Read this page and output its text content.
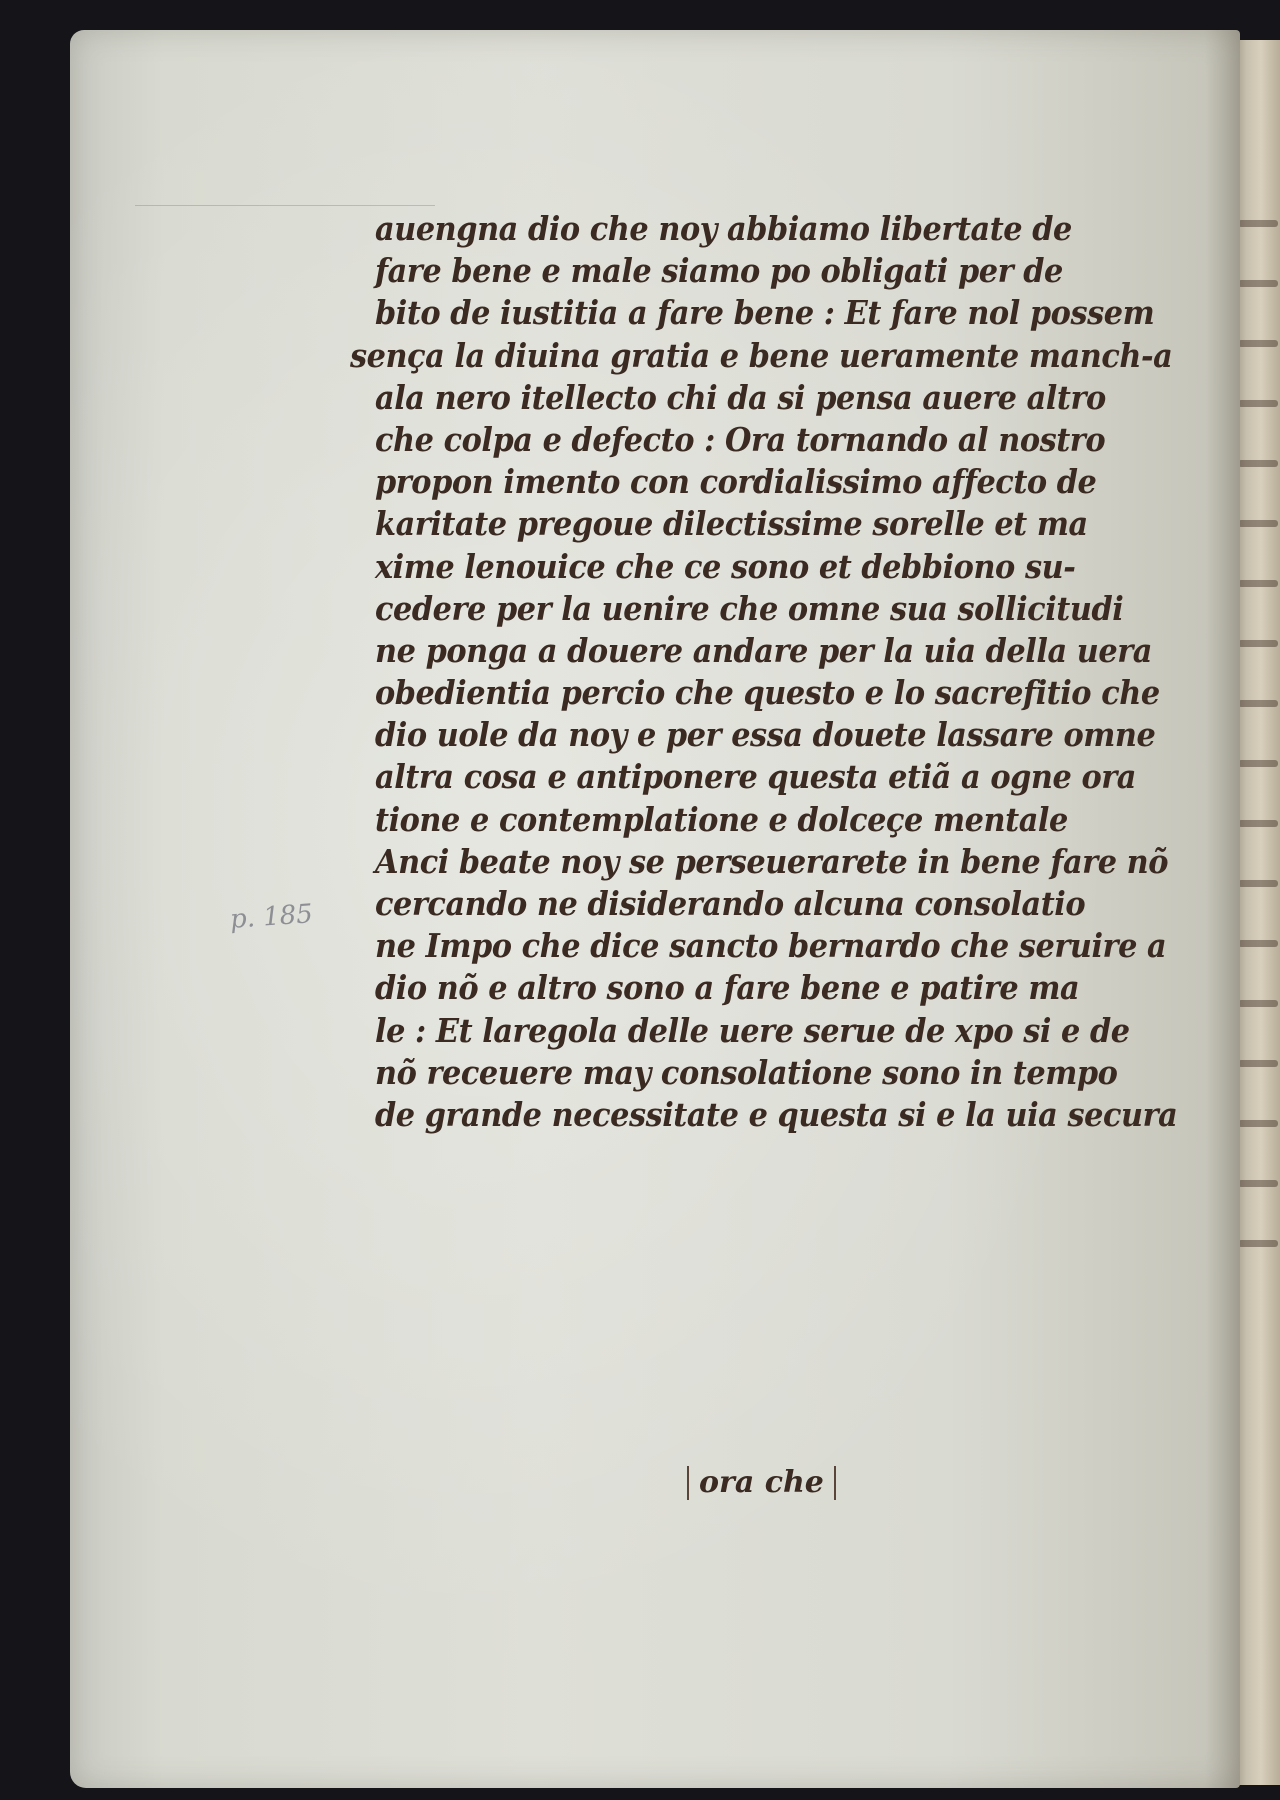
auengna dio che noy abbiamo libertate de
fare bene e male siamo po obligati per de
bito de iustitia a fare bene : Et fare nol possem
sença la diuina gratia e bene ueramente manch-a
ala nero itellecto chi da si pensa auere altro
che colpa e defecto : Ora tornando al nostro
propon imento con cordialissimo affecto de
karitate pregoue dilectissime sorelle et ma
xime lenouice che ce sono et debbiono su-
cedere per la uenire che omne sua sollicitudi
ne ponga a douere andare per la uia della uera
obedientia percio che questo e lo sacrefitio che
dio uole da noy e per essa douete lassare omne
altra cosa e antiponere questa etiã a ogne ora
tione e contemplatione e dolceçe mentale
Anci beate noy se perseuerarete in bene fare nõ
cercando ne disiderando alcuna consolatio
ne Impo che dice sancto bernardo che seruire a
dio nõ e altro sono a fare bene e patire ma
le : Et laregola delle uere serue de xpo si e de
nõ receuere may consolatione sono in tempo
de grande necessitate e questa si e la uia secura
p. 185
ora che
